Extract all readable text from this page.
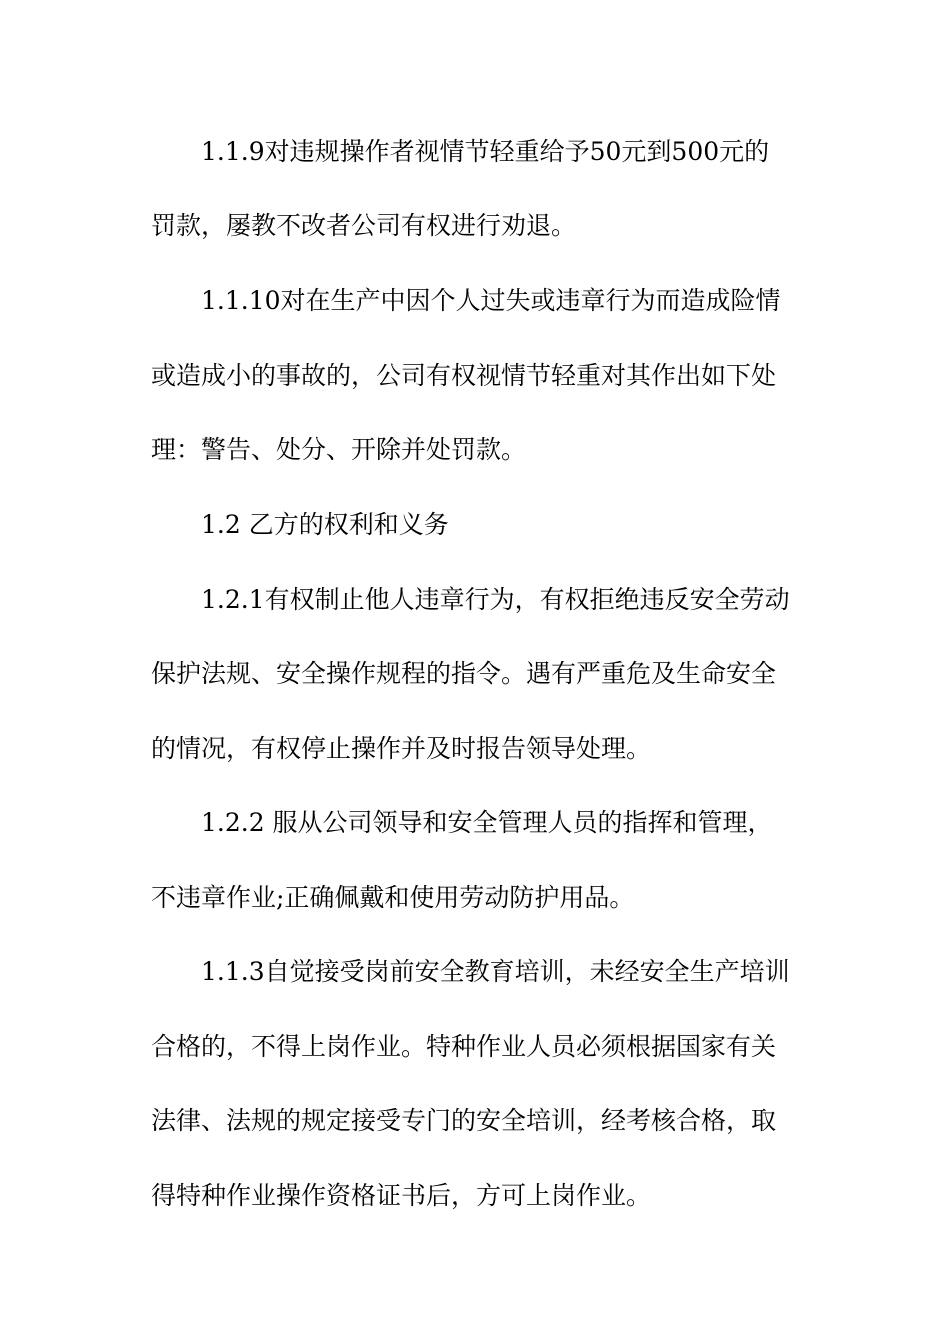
1.1.9对违规操作者视情节轻重给予50元到500元的
罚款，屡教不改者公司有权进行劝退。
1.1.10对在生产中因个人过失或违章行为而造成险情
或造成小的事故的，公司有权视情节轻重对其作出如下处
理：警告、处分、开除并处罚款。
1.2 乙方的权利和义务
1.2.1有权制止他人违章行为，有权拒绝违反安全劳动
保护法规、安全操作规程的指令。遇有严重危及生命安全
的情况，有权停止操作并及时报告领导处理。
1.2.2 服从公司领导和安全管理人员的指挥和管理，
不违章作业;正确佩戴和使用劳动防护用品。
1.1.3自觉接受岗前安全教育培训，未经安全生产培训
合格的，不得上岗作业。特种作业人员必须根据国家有关
法律、法规的规定接受专门的安全培训，经考核合格，取
得特种作业操作资格证书后，方可上岗作业。
